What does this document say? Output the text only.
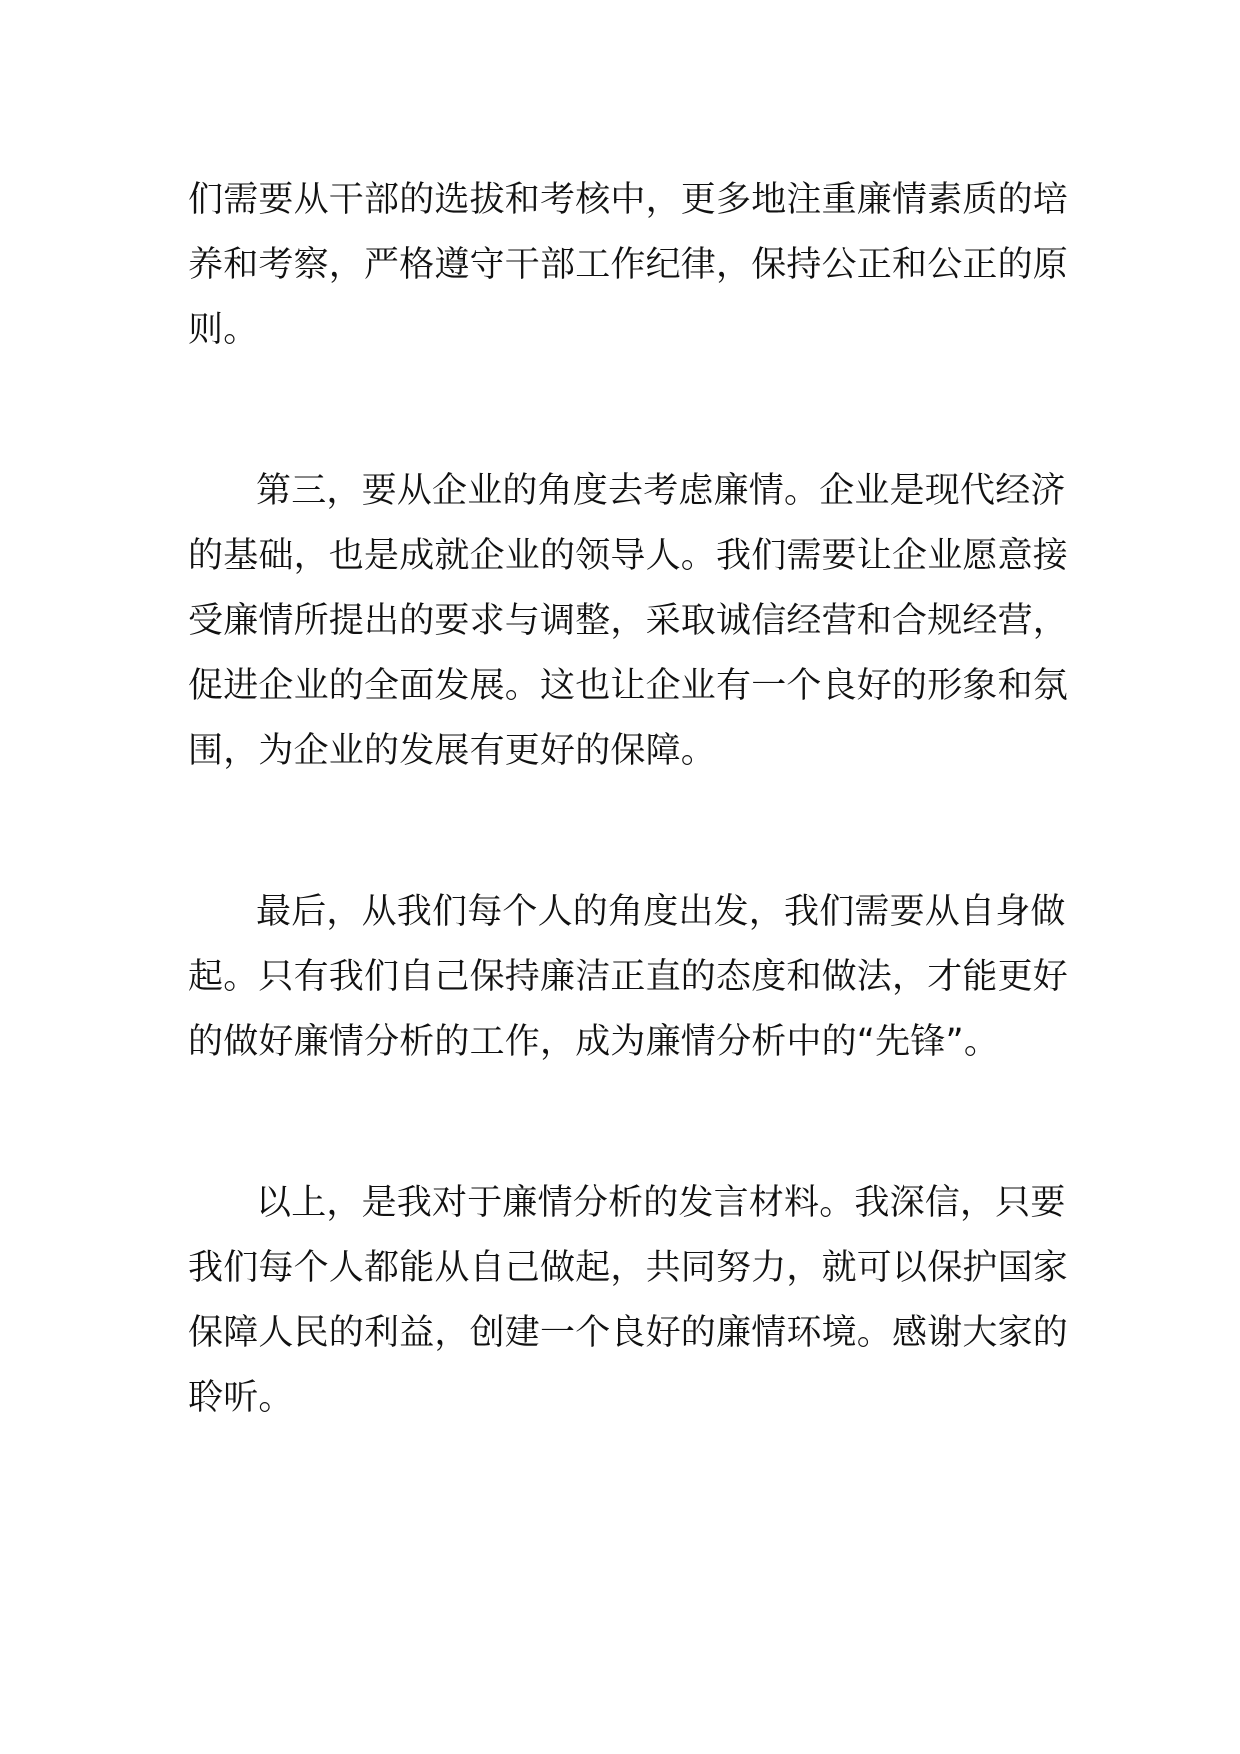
们需要从干部的选拔和考核中，更多地注重廉情素质的培
养和考察，严格遵守干部工作纪律，保持公正和公正的原
则。

第三，要从企业的角度去考虑廉情。企业是现代经济
的基础，也是成就企业的领导人。我们需要让企业愿意接
受廉情所提出的要求与调整，采取诚信经营和合规经营，
促进企业的全面发展。这也让企业有一个良好的形象和氛
围，为企业的发展有更好的保障。

最后，从我们每个人的角度出发，我们需要从自身做
起。只有我们自己保持廉洁正直的态度和做法，才能更好
的做好廉情分析的工作，成为廉情分析中的“先锋”。

以上，是我对于廉情分析的发言材料。我深信，只要
我们每个人都能从自己做起，共同努力，就可以保护国家
保障人民的利益，创建一个良好的廉情环境。感谢大家的
聆听。
